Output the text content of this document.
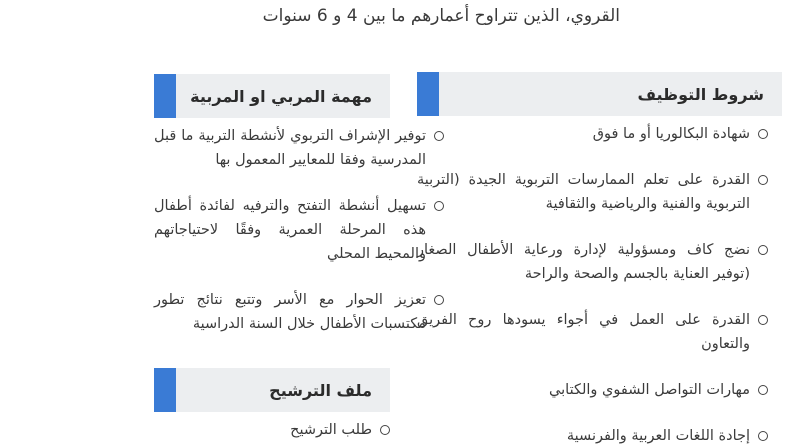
القروي، الذين تتراوح أعمارهم ما بين 4 و 6 سنوات
شروط التوظيف
شهادة البكالوريا أو ما فوق
القدرة على تعلم الممارسات التربوية الجيدة (التربية التربوية والفنية والرياضية والثقافية
نضج كاف ومسؤولية لإدارة ورعاية الأطفال الصغار (توفير العناية بالجسم والصحة والراحة
القدرة على العمل في أجواء يسودها روح الفريق والتعاون
مهارات التواصل الشفوي والكتابي
إجادة اللغات العربية والفرنسية
مهمة المربي او المربية
توفير الإشراف التربوي لأنشطة التربية ما قبل المدرسية وفقا للمعايير المعمول بها
تسهيل أنشطة التفتح والترفيه لفائدة أطفال هذه المرحلة العمرية وفقًا لاحتياجاتهم والمحيط المحلي
تعزيز الحوار مع الأسر وتتبع نتائج تطور مكتسبات الأطفال خلال السنة الدراسية
ملف الترشيح
طلب الترشيح
